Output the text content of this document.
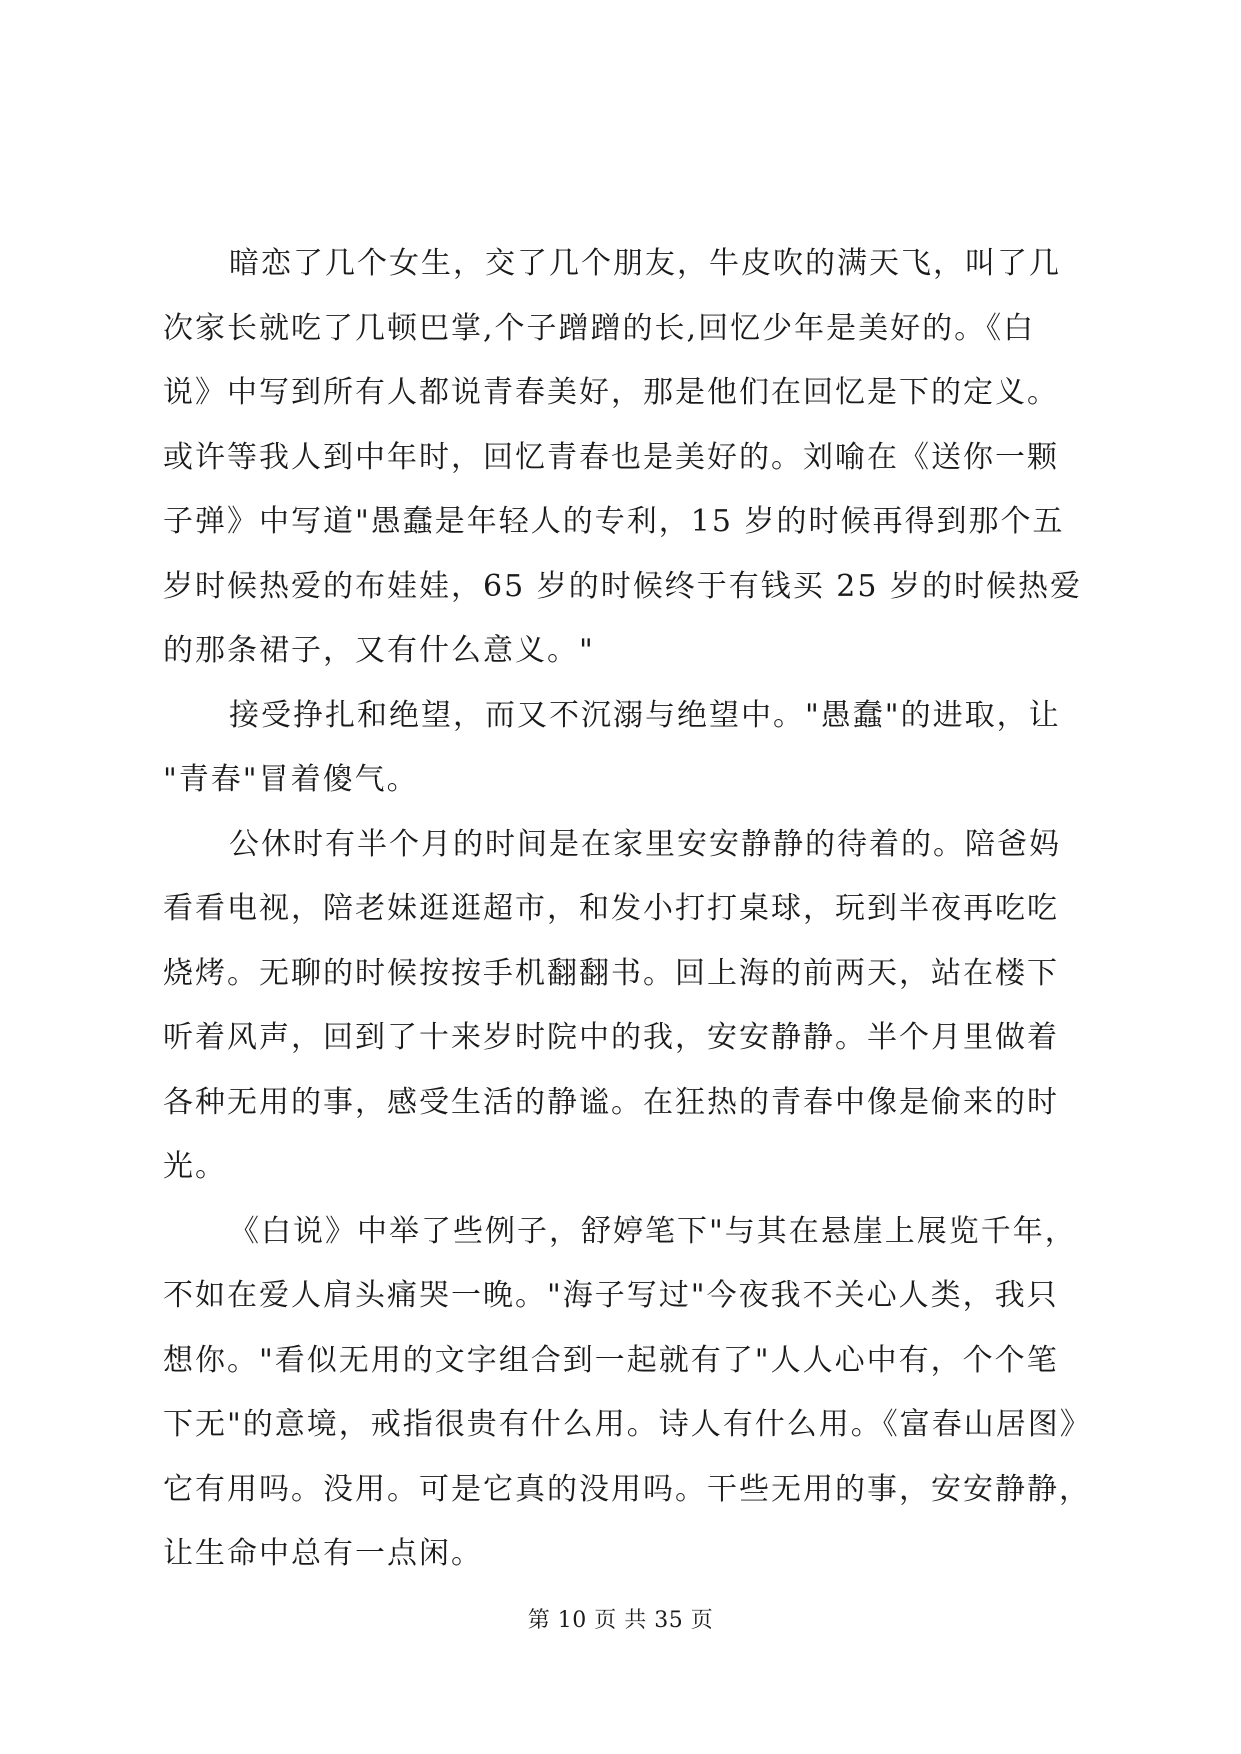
暗恋了几个女生，交了几个朋友，牛皮吹的满天飞，叫了几
次家长就吃了几顿巴掌,个子蹭蹭的长,回忆少年是美好的。《白
说》中写到所有人都说青春美好，那是他们在回忆是下的定义。
或许等我人到中年时，回忆青春也是美好的。刘喻在《送你一颗
子弹》中写道"愚蠢是年轻人的专利，15 岁的时候再得到那个五
岁时候热爱的布娃娃，65 岁的时候终于有钱买 25 岁的时候热爱
的那条裙子，又有什么意义。"
接受挣扎和绝望，而又不沉溺与绝望中。"愚蠢"的进取，让
"青春"冒着傻气。
公休时有半个月的时间是在家里安安静静的待着的。陪爸妈
看看电视，陪老妹逛逛超市，和发小打打桌球，玩到半夜再吃吃
烧烤。无聊的时候按按手机翻翻书。回上海的前两天，站在楼下
听着风声，回到了十来岁时院中的我，安安静静。半个月里做着
各种无用的事，感受生活的静谧。在狂热的青春中像是偷来的时
光。
《白说》中举了些例子，舒婷笔下"与其在悬崖上展览千年，
不如在爱人肩头痛哭一晚。"海子写过"今夜我不关心人类，我只
想你。"看似无用的文字组合到一起就有了"人人心中有，个个笔
下无"的意境，戒指很贵有什么用。诗人有什么用。《富春山居图》
它有用吗。没用。可是它真的没用吗。干些无用的事，安安静静，
让生命中总有一点闲。
第 10 页 共 35 页
